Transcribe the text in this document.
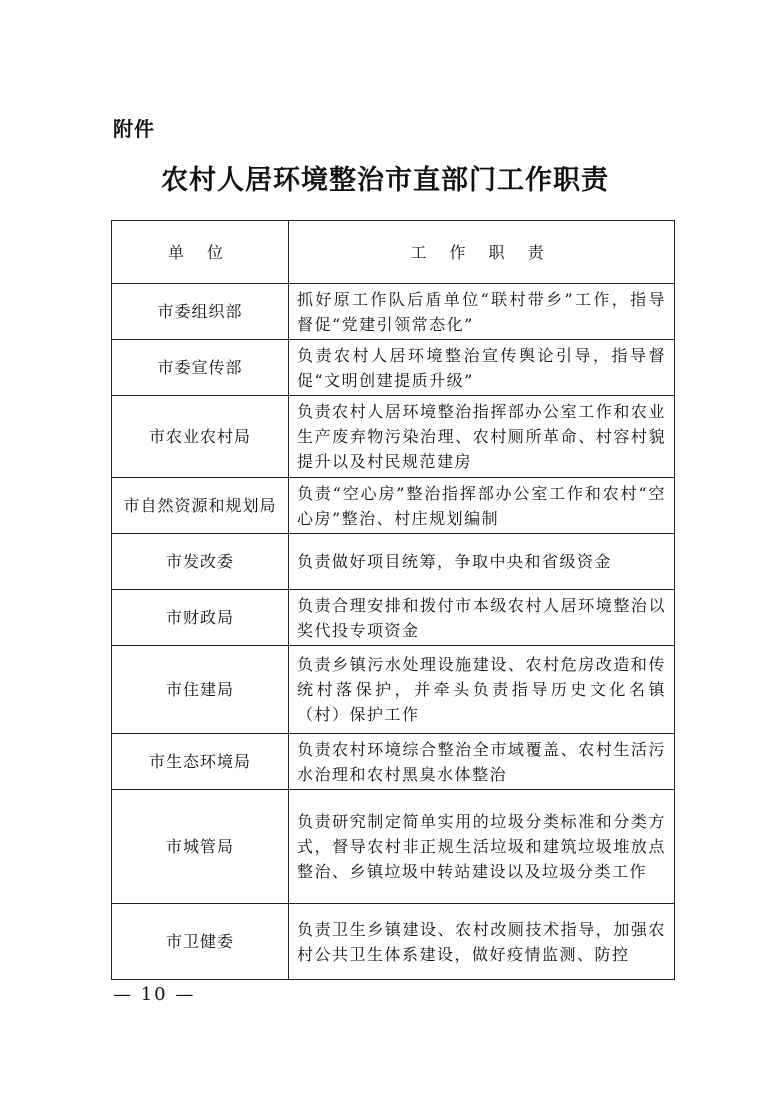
附件
农村人居环境整治市直部门工作职责
单 位	工 作 职 责
市委组织部	抓好原工作队后盾单位“联村带乡”工作，指导督促“党建引领常态化”
市委宣传部	负责农村人居环境整治宣传舆论引导，指导督促“文明创建提质升级”
市农业农村局	负责农村人居环境整治指挥部办公室工作和农业生产废弃物污染治理、农村厕所革命、村容村貌提升以及村民规范建房
市自然资源和规划局	负责“空心房”整治指挥部办公室工作和农村“空心房”整治、村庄规划编制
市发改委	负责做好项目统筹，争取中央和省级资金
市财政局	负责合理安排和拨付市本级农村人居环境整治以奖代投专项资金
市住建局	负责乡镇污水处理设施建设、农村危房改造和传统村落保护，并牵头负责指导历史文化名镇（村）保护工作
市生态环境局	负责农村环境综合整治全市域覆盖、农村生活污水治理和农村黑臭水体整治
市城管局	负责研究制定简单实用的垃圾分类标准和分类方式，督导农村非正规生活垃圾和建筑垃圾堆放点整治、乡镇垃圾中转站建设以及垃圾分类工作
市卫健委	负责卫生乡镇建设、农村改厕技术指导，加强农村公共卫生体系建设，做好疫情监测、防控
— 10 —
